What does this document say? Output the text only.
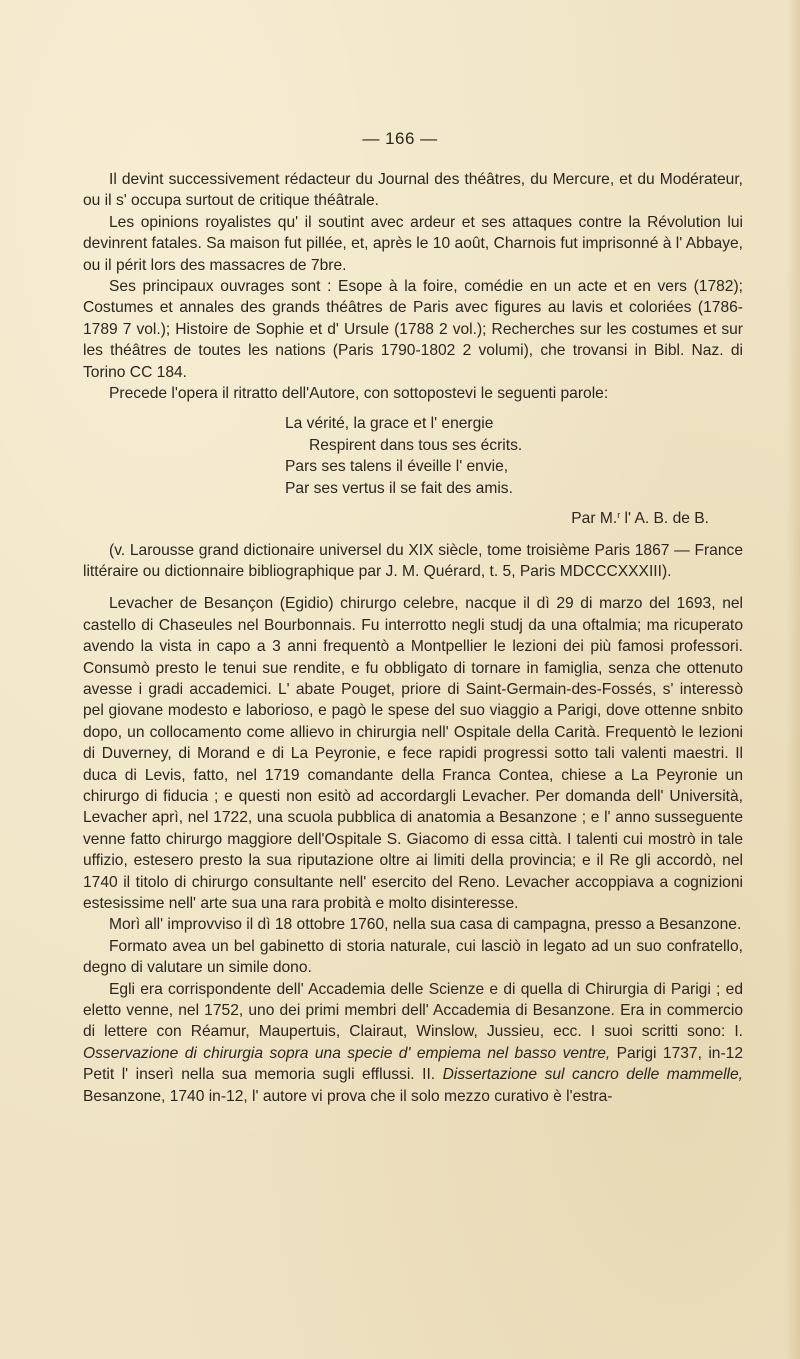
— 166 —

Il devint successivement rédacteur du Journal des théâtres, du Mercure, et du Modérateur, ou il s' occupa surtout de critique théâtrale.

Les opinions royalistes qu' il soutint avec ardeur et ses attaques contre la Révolution lui devinrent fatales. Sa maison fut pillée, et, après le 10 août, Charnois fut imprisonné à l' Abbaye, ou il périt lors des massacres de 7bre.

Ses principaux ouvrages sont : Esope à la foire, comédie en un acte et en vers (1782); Costumes et annales des grands théâtres de Paris avec figures au lavis et coloriées (1786-1789 7 vol.); Histoire de Sophie et d' Ursule (1788 2 vol.); Recherches sur les costumes et sur les théâtres de toutes les nations (Paris 1790-1802 2 volumi), che trovansi in Bibl. Naz. di Torino CC 184.

Precede l'opera il ritratto dell'Autore, con sottopostevi le seguenti parole:

La vérité, la grace et l' energie
Respirent dans tous ses écrits.
Pars ses talens il éveille l' envie,
Par ses vertus il se fait des amis.
Par M.$^r$ l' A. B. de B.

(v. Larousse grand dictionaire universel du XIX siècle, tome troisième Paris 1867 — France littéraire ou dictionnaire bibliographique par J. M. Quérard, t. 5, Paris MDCCCXXXIII).

Levacher de Besançon (Egidio) chirurgo celebre, nacque il dì 29 di marzo del 1693, nel castello di Chaseules nel Bourbonnais. Fu interrotto negli studj da una oftalmia; ma ricuperato avendo la vista in capo a 3 anni frequentò a Montpellier le lezioni dei più famosi professori. Consumò presto le tenui sue rendite, e fu obbligato di tornare in famiglia, senza che ottenuto avesse i gradi accademici. L' abate Pouget, priore di Saint-Germain-des-Fossés, s' interessò pel giovane modesto e laborioso, e pagò le spese del suo viaggio a Parigi, dove ottenne snbito dopo, un collocamento come allievo in chirurgia nell' Ospitale della Carità. Frequentò le lezioni di Duverney, di Morand e di La Peyronie, e fece rapidi progressi sotto tali valenti maestri. Il duca di Levis, fatto, nel 1719 comandante della Franca Contea, chiese a La Peyronie un chirurgo di fiducia ; e questi non esitò ad accordargli Levacher. Per domanda dell' Università, Levacher aprì, nel 1722, una scuola pubblica di anatomia a Besanzone ; e l' anno susseguente venne fatto chirurgo maggiore dell'Ospitale S. Giacomo di essa città. I talenti cui mostrò in tale uffizio, estesero presto la sua riputazione oltre ai limiti della provincia; e il Re gli accordò, nel 1740 il titolo di chirurgo consultante nell' esercito del Reno. Levacher accoppiava a cognizioni estesissime nell' arte sua una rara probità e molto disinteresse.

Morì all' improvviso il dì 18 ottobre 1760, nella sua casa di campagna, presso a Besanzone.

Formato avea un bel gabinetto di storia naturale, cui lasciò in legato ad un suo confratello, degno di valutare un simile dono.

Egli era corrispondente dell' Accademia delle Scienze e di quella di Chirurgia di Parigi ; ed eletto venne, nel 1752, uno dei primi membri dell' Accademia di Besanzone. Era in commercio di lettere con Réamur, Maupertuis, Clairaut, Winslow, Jussieu, ecc. I suoi scritti sono: I. Osservazione di chirurgia sopra una specie d' empiema nel basso ventre, Parigi 1737, in-12 Petit l' inserì nella sua memoria sugli efflussi. II. Dissertazione sul cancro delle mammelle, Besanzone, 1740 in-12, l' autore vi prova che il solo mezzo curativo è l'estra-
